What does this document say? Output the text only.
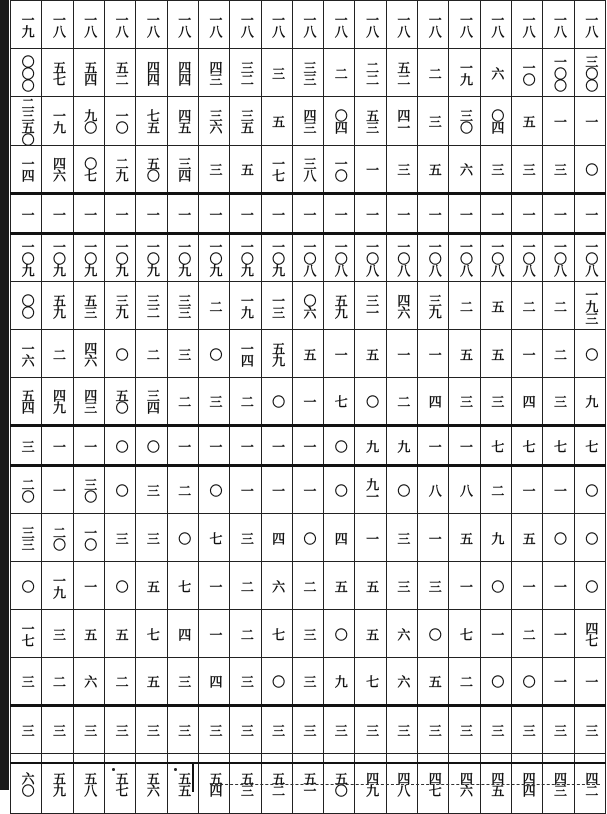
一九	一八	一八	一八	一八	一八	一八	一八	一八	一八	一八	一八	一八	一八	一八	一八	一八	一八	一八

〇〇〇	五七	五四	五二	四四	四四	四三	三二	三	三三	二	二二	五二	二	一九	六	一〇	一〇〇	三〇〇

二三五〇	一九	九〇	一〇	七五	四五	三六	三五	五	四三	〇四	五三	四一	三	三〇	〇四	五	一	一

一四	四六	〇七	二九	五〇	三四	三	五	一七	三八	一〇	一	三	五	六	三	三	三	〇

一	一	一	一	一	一	一	一	一	一	一	一	一	一	一	一	一	一	一

一〇九	一〇九	一〇九	一〇九	一〇九	一〇九	一〇九	一〇九	一〇九	一〇八	一〇八	一〇八	一〇八	一〇八	一〇八	一〇八	一〇八	一〇八	一〇八

〇〇	五九	五三	三九	三二	三三	二	一九	一三	〇六	五九	三一	四六	三九	二	五	二	二	一九三

一六	二	四六	〇	二	三	〇	一四	五九	五	一	五	一	一	五	五	一	二	〇

五四	四九	四三	五〇	三四	二	三	二	〇	一	七	〇	二	四	三	三	四	三	九

三	一	一	〇	〇	一	一	一	一	一	〇	九	九	一	一	七	七	七	七

二〇	一	三〇	〇	三	二	〇	一	一	一	〇	九一	〇	八	八	二	一	一	〇

三三	二〇	一〇	三	三	〇	七	三	四	〇	四	一	三	一	五	九	五	〇	〇

〇	一九	一	〇	五	七	一	二	六	二	五	五	三	三	一	〇	一	一	〇

一七	三	五	五	七	四	一	二	七	三	〇	五	六	〇	七	一	二	一	四七

三	二	六	二	五	三	四	三	〇	三	九	七	六	五	二	〇	〇	一	一

三	三	三	三	三	三	三	三	三	三	三	三	三	三	三	三	三	三	三

六〇	五九	五八	五七	五六	五五	五四	五三	五二	五一	五〇	四九	四八	四七	四六	四五	四四	四三	四二
